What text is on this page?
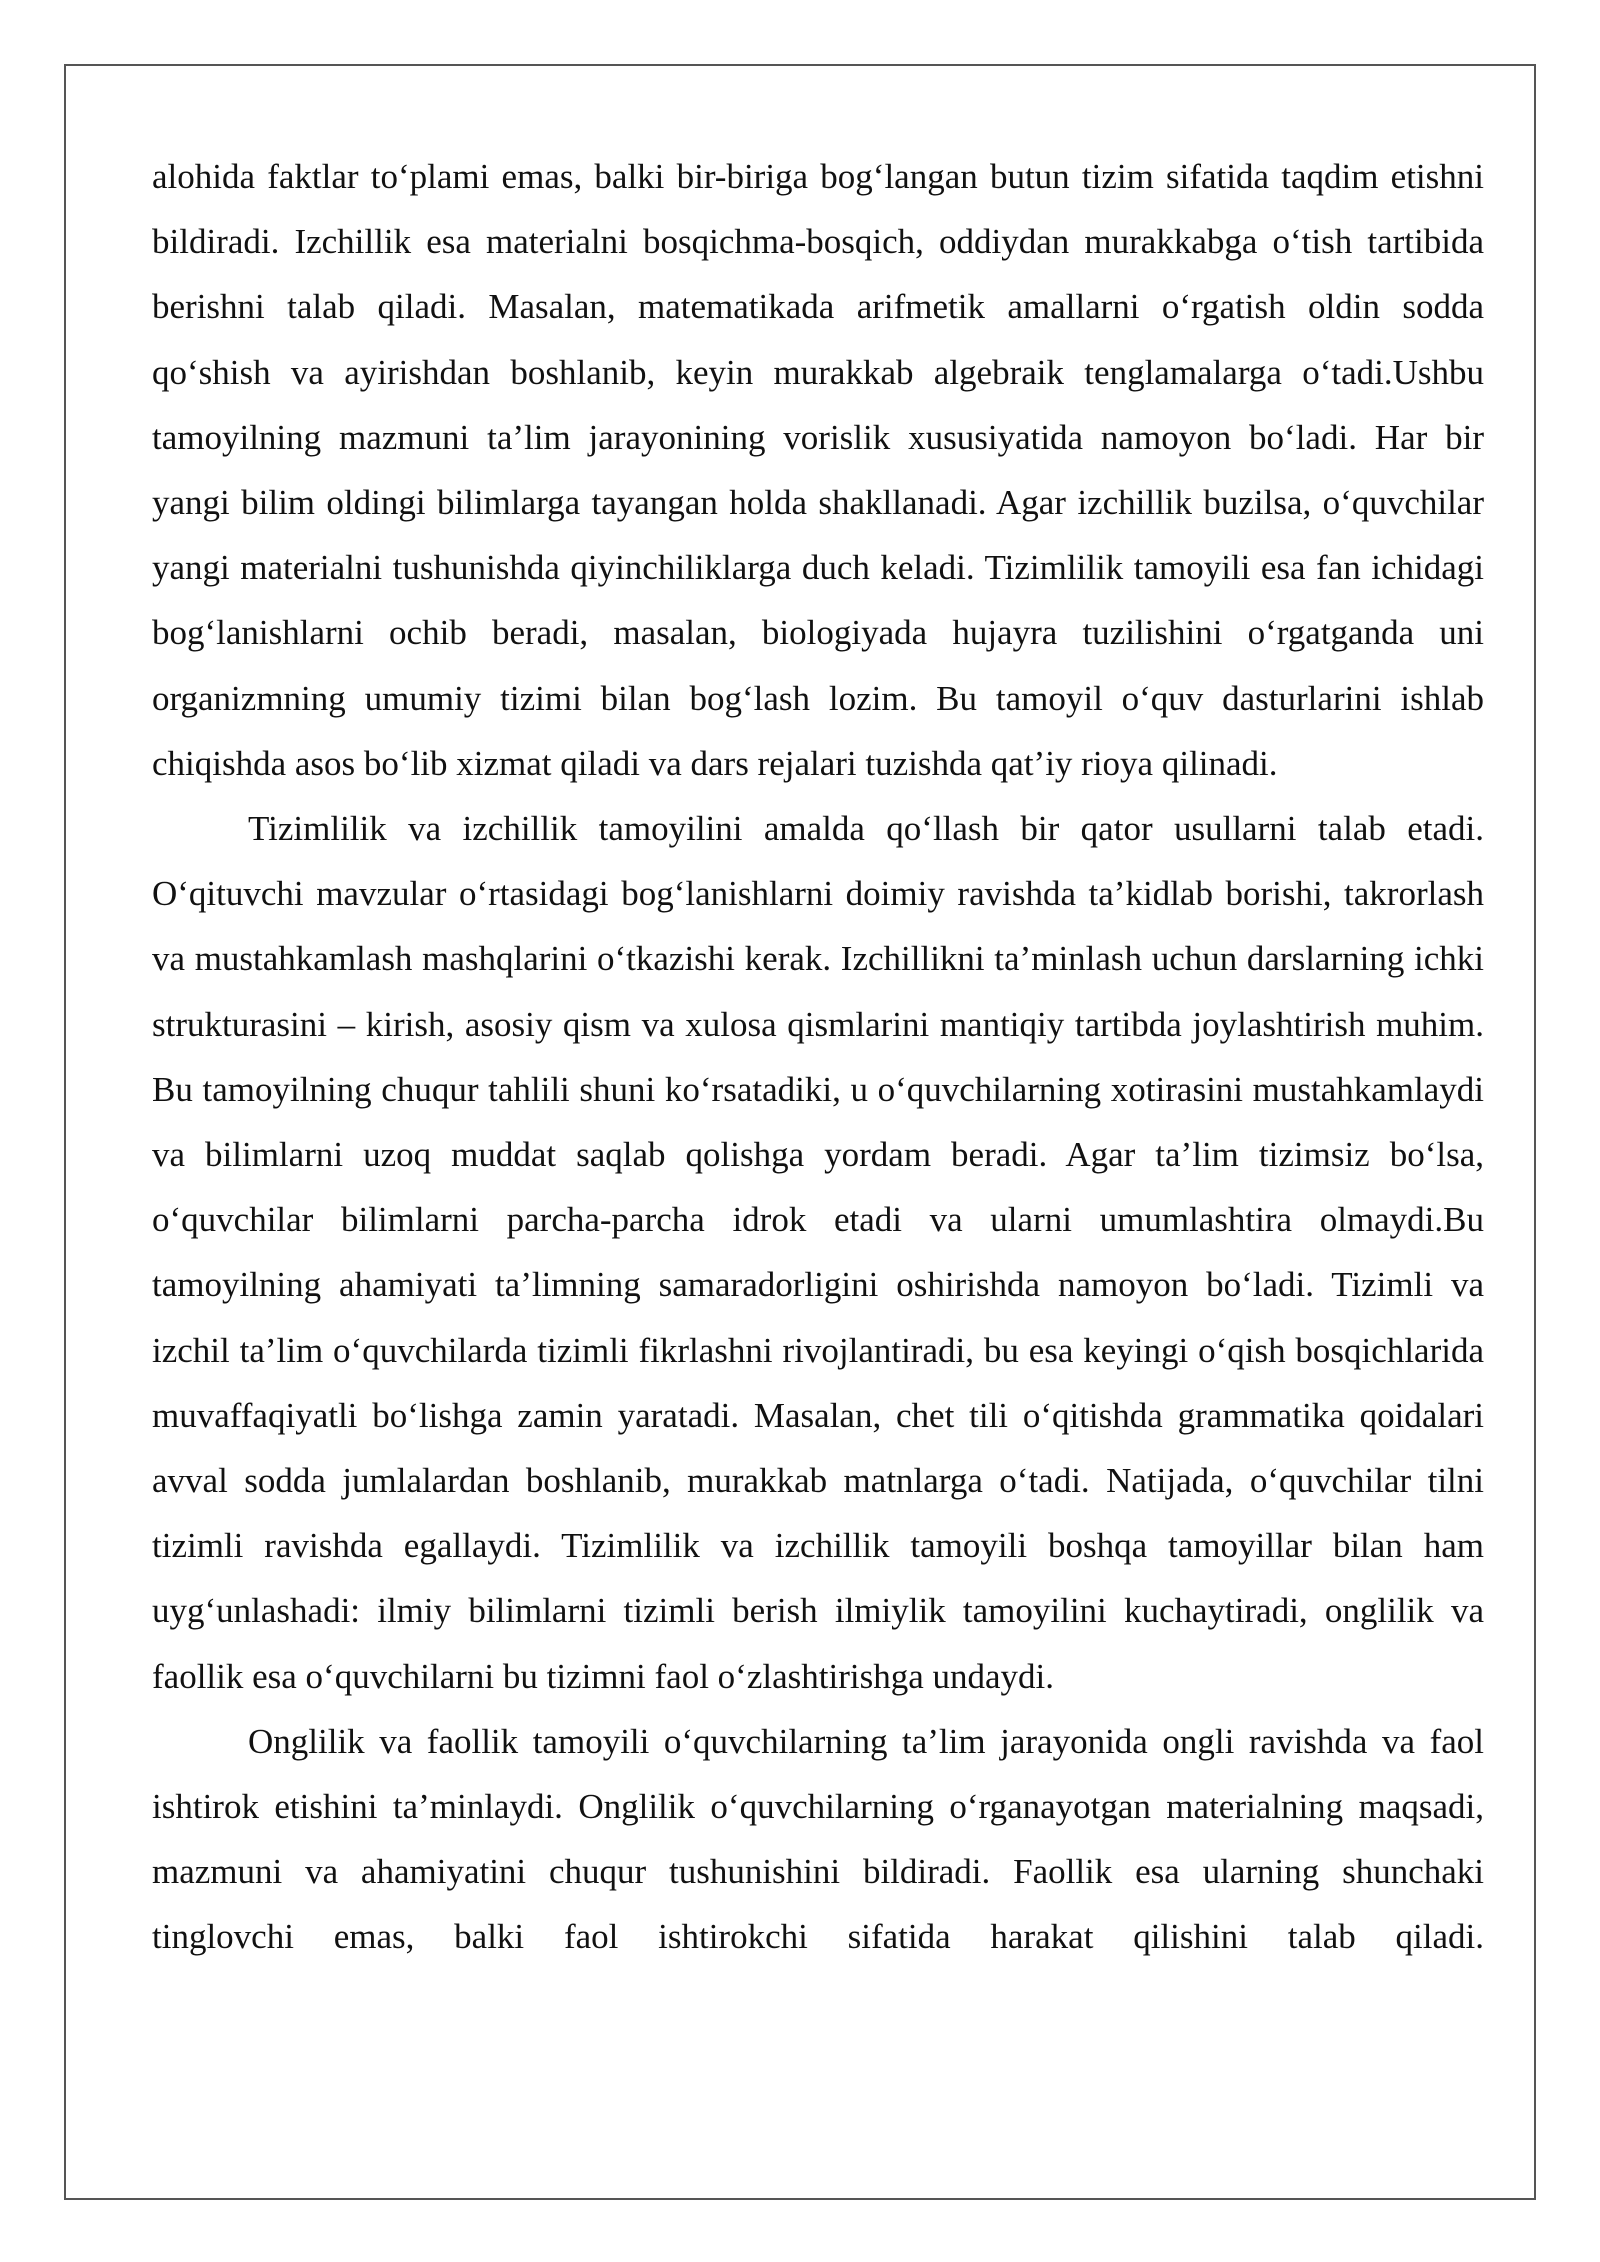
alohida faktlar to‘plami emas, balki bir-biriga bog‘langan butun tizim sifatida taqdim etishni bildiradi. Izchillik esa materialni bosqichma-bosqich, oddiydan murakkabga o‘tish tartibida berishni talab qiladi. Masalan, matematikada arifmetik amallarni o‘rgatish oldin sodda qo‘shish va ayirishdan boshlanib, keyin murakkab algebraik tenglamalarga o‘tadi.Ushbu tamoyilning mazmuni ta’lim jarayonining vorislik xususiyatida namoyon bo‘ladi. Har bir yangi bilim oldingi bilimlarga tayangan holda shakllanadi. Agar izchillik buzilsa, o‘quvchilar yangi materialni tushunishda qiyinchiliklarga duch keladi. Tizimlilik tamoyili esa fan ichidagi bog‘lanishlarni ochib beradi, masalan, biologiyada hujayra tuzilishini o‘rgatganda uni organizmning umumiy tizimi bilan bog‘lash lozim. Bu tamoyil o‘quv dasturlarini ishlab chiqishda asos bo‘lib xizmat qiladi va dars rejalari tuzishda qat’iy rioya qilinadi.

Tizimlilik va izchillik tamoyilini amalda qo‘llash bir qator usullarni talab etadi. O‘qituvchi mavzular o‘rtasidagi bog‘lanishlarni doimiy ravishda ta’kidlab borishi, takrorlash va mustahkamlash mashqlarini o‘tkazishi kerak. Izchillikni ta’minlash uchun darslarning ichki strukturasini – kirish, asosiy qism va xulosa qismlarini mantiqiy tartibda joylashtirish muhim. Bu tamoyilning chuqur tahlili shuni ko‘rsatadiki, u o‘quvchilarning xotirasini mustahkamlaydi va bilimlarni uzoq muddat saqlab qolishga yordam beradi. Agar ta’lim tizimsiz bo‘lsa, o‘quvchilar bilimlarni parcha-parcha idrok etadi va ularni umumlashtira olmaydi.Bu tamoyilning ahamiyati ta’limning samaradorligini oshirishda namoyon bo‘ladi. Tizimli va izchil ta’lim o‘quvchilarda tizimli fikrlashni rivojlantiradi, bu esa keyingi o‘qish bosqichlarida muvaffaqiyatli bo‘lishga zamin yaratadi. Masalan, chet tili o‘qitishda grammatika qoidalari avval sodda jumlalardan boshlanib, murakkab matnlarga o‘tadi. Natijada, o‘quvchilar tilni tizimli ravishda egallaydi. Tizimlilik va izchillik tamoyili boshqa tamoyillar bilan ham uyg‘unlashadi: ilmiy bilimlarni tizimli berish ilmiylik tamoyilini kuchaytiradi, onglilik va faollik esa o‘quvchilarni bu tizimni faol o‘zlashtirishga undaydi.

Onglilik va faollik tamoyili o‘quvchilarning ta’lim jarayonida ongli ravishda va faol ishtirok etishini ta’minlaydi. Onglilik o‘quvchilarning o‘rganayotgan materialning maqsadi, mazmuni va ahamiyatini chuqur tushunishini bildiradi. Faollik esa ularning shunchaki tinglovchi emas, balki faol ishtirokchi sifatida harakat qilishini talab qiladi.
